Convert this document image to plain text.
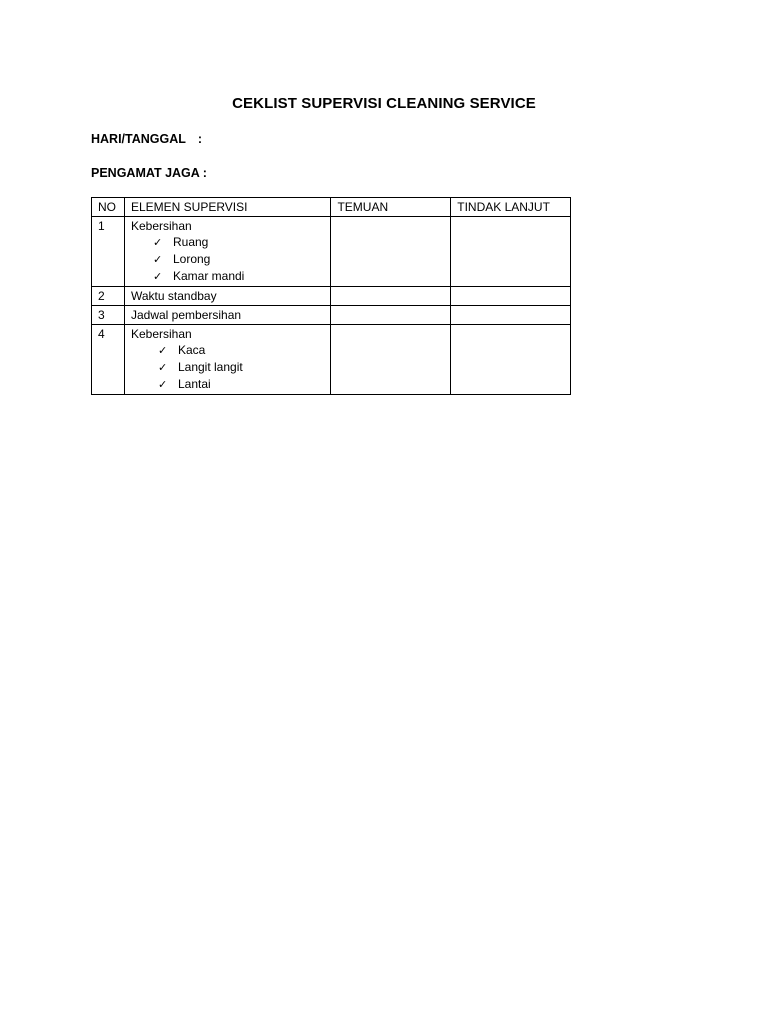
CEKLIST SUPERVISI CLEANING SERVICE
HARI/TANGGAL :
PENGAMAT JAGA :
NO	ELEMEN SUPERVISI	TEMUAN	TINDAK LANJUT
1	Kebersihan
✓ Ruang
✓ Lorong
✓ Kamar mandi		

2	Waktu standbay		

3	Jadwal pembersihan		

4	Kebersihan
✓ Kaca
✓ Langit langit
✓ Lantai		
